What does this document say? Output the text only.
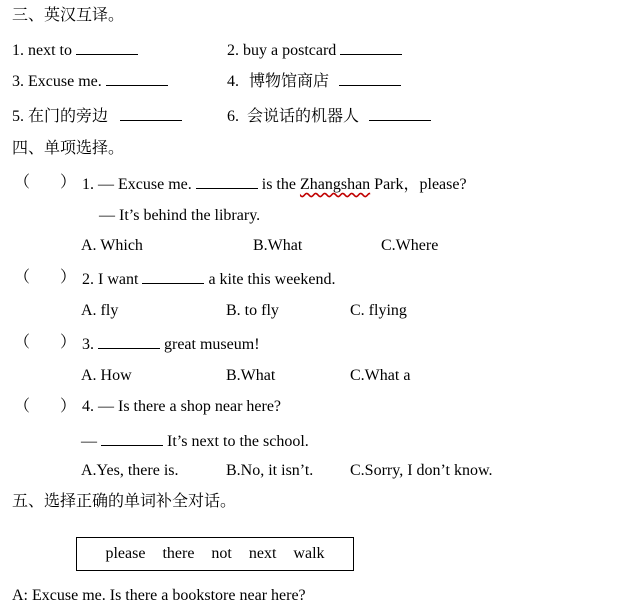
三、英汉互译。
1. next to	2. buy a postcard
3. Excuse me.	4. 博物馆商店
5. 在门的旁边	6. 会说话的机器人
四、单项选择。
（ ） 1. — Excuse me.	is the Zhangshan Park，please?
— It’s behind the library.
A. Which	B.What	C.Where
（ ） 2. I want	a kite this weekend.
A. fly	B. to fly	C. flying
（ ） 3.	great museum!
A. How	B.What	C.What a
（ ） 4. — Is there a shop near here?
—	It’s next to the school.
A.Yes, there is.	B.No, it isn’t. C.Sorry, I don’t know.
五、选择正确的单词补全对话。
please there not next walk
A: Excuse me. Is there a bookstore near here?
